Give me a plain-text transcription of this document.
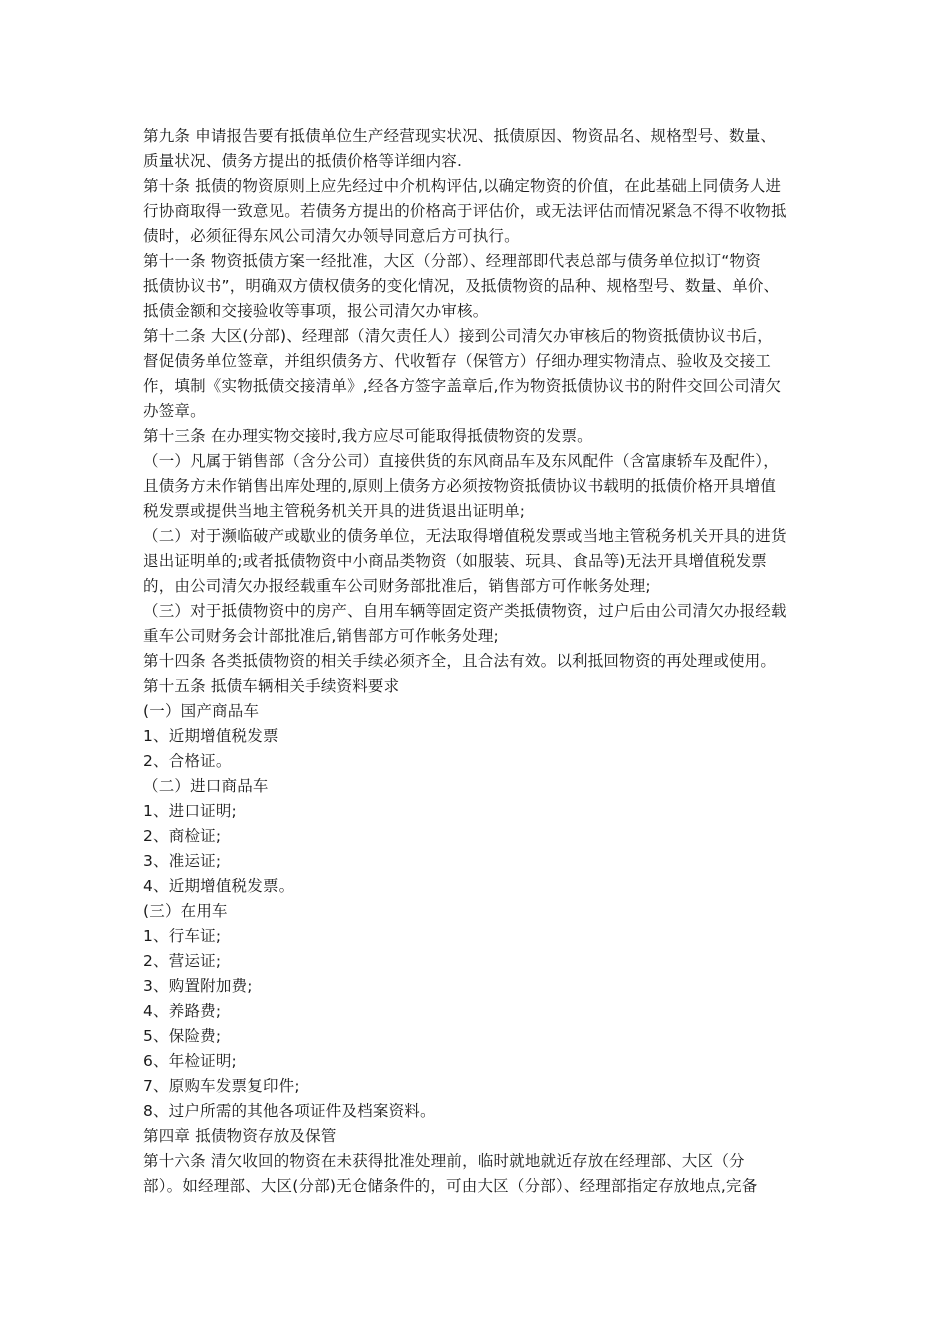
第九条 申请报告要有抵债单位生产经营现实状况、抵债原因、物资品名、规格型号、数量、
质量状况、债务方提出的抵债价格等详细内容.
第十条 抵债的物资原则上应先经过中介机构评估,以确定物资的价值，在此基础上同债务人进
行协商取得一致意见。若债务方提出的价格高于评估价，或无法评估而情况紧急不得不收物抵
债时，必须征得东风公司清欠办领导同意后方可执行。
第十一条 物资抵债方案一经批准，大区（分部）、经理部即代表总部与债务单位拟订“物资
抵债协议书”，明确双方债权债务的变化情况，及抵债物资的品种、规格型号、数量、单价、
抵债金额和交接验收等事项，报公司清欠办审核。
第十二条 大区(分部)、经理部（清欠责任人）接到公司清欠办审核后的物资抵债协议书后，
督促债务单位签章，并组织债务方、代收暂存（保管方）仔细办理实物清点、验收及交接工
作，填制《实物抵债交接清单》,经各方签字盖章后,作为物资抵债协议书的附件交回公司清欠
办签章。
第十三条 在办理实物交接时,我方应尽可能取得抵债物资的发票。
（一）凡属于销售部（含分公司）直接供货的东风商品车及东风配件（含富康轿车及配件），
且债务方未作销售出库处理的,原则上债务方必须按物资抵债协议书载明的抵债价格开具增值
税发票或提供当地主管税务机关开具的进货退出证明单;
（二）对于濒临破产或歇业的债务单位，无法取得增值税发票或当地主管税务机关开具的进货
退出证明单的;或者抵债物资中小商品类物资（如服装、玩具、食品等)无法开具增值税发票
的，由公司清欠办报经载重车公司财务部批准后，销售部方可作帐务处理;
（三）对于抵债物资中的房产、自用车辆等固定资产类抵债物资，过户后由公司清欠办报经载
重车公司财务会计部批准后,销售部方可作帐务处理;
第十四条 各类抵债物资的相关手续必须齐全，且合法有效。以利抵回物资的再处理或使用。
第十五条 抵债车辆相关手续资料要求
(一）国产商品车
1、近期增值税发票
2、合格证。
（二）进口商品车
1、进口证明;
2、商检证;
3、准运证;
4、近期增值税发票。
(三）在用车
1、行车证;
2、营运证;
3、购置附加费;
4、养路费;
5、保险费;
6、年检证明;
7、原购车发票复印件;
8、过户所需的其他各项证件及档案资料。
第四章 抵债物资存放及保管
第十六条 清欠收回的物资在未获得批准处理前，临时就地就近存放在经理部、大区（分
部）。如经理部、大区(分部)无仓储条件的，可由大区（分部）、经理部指定存放地点,完备
